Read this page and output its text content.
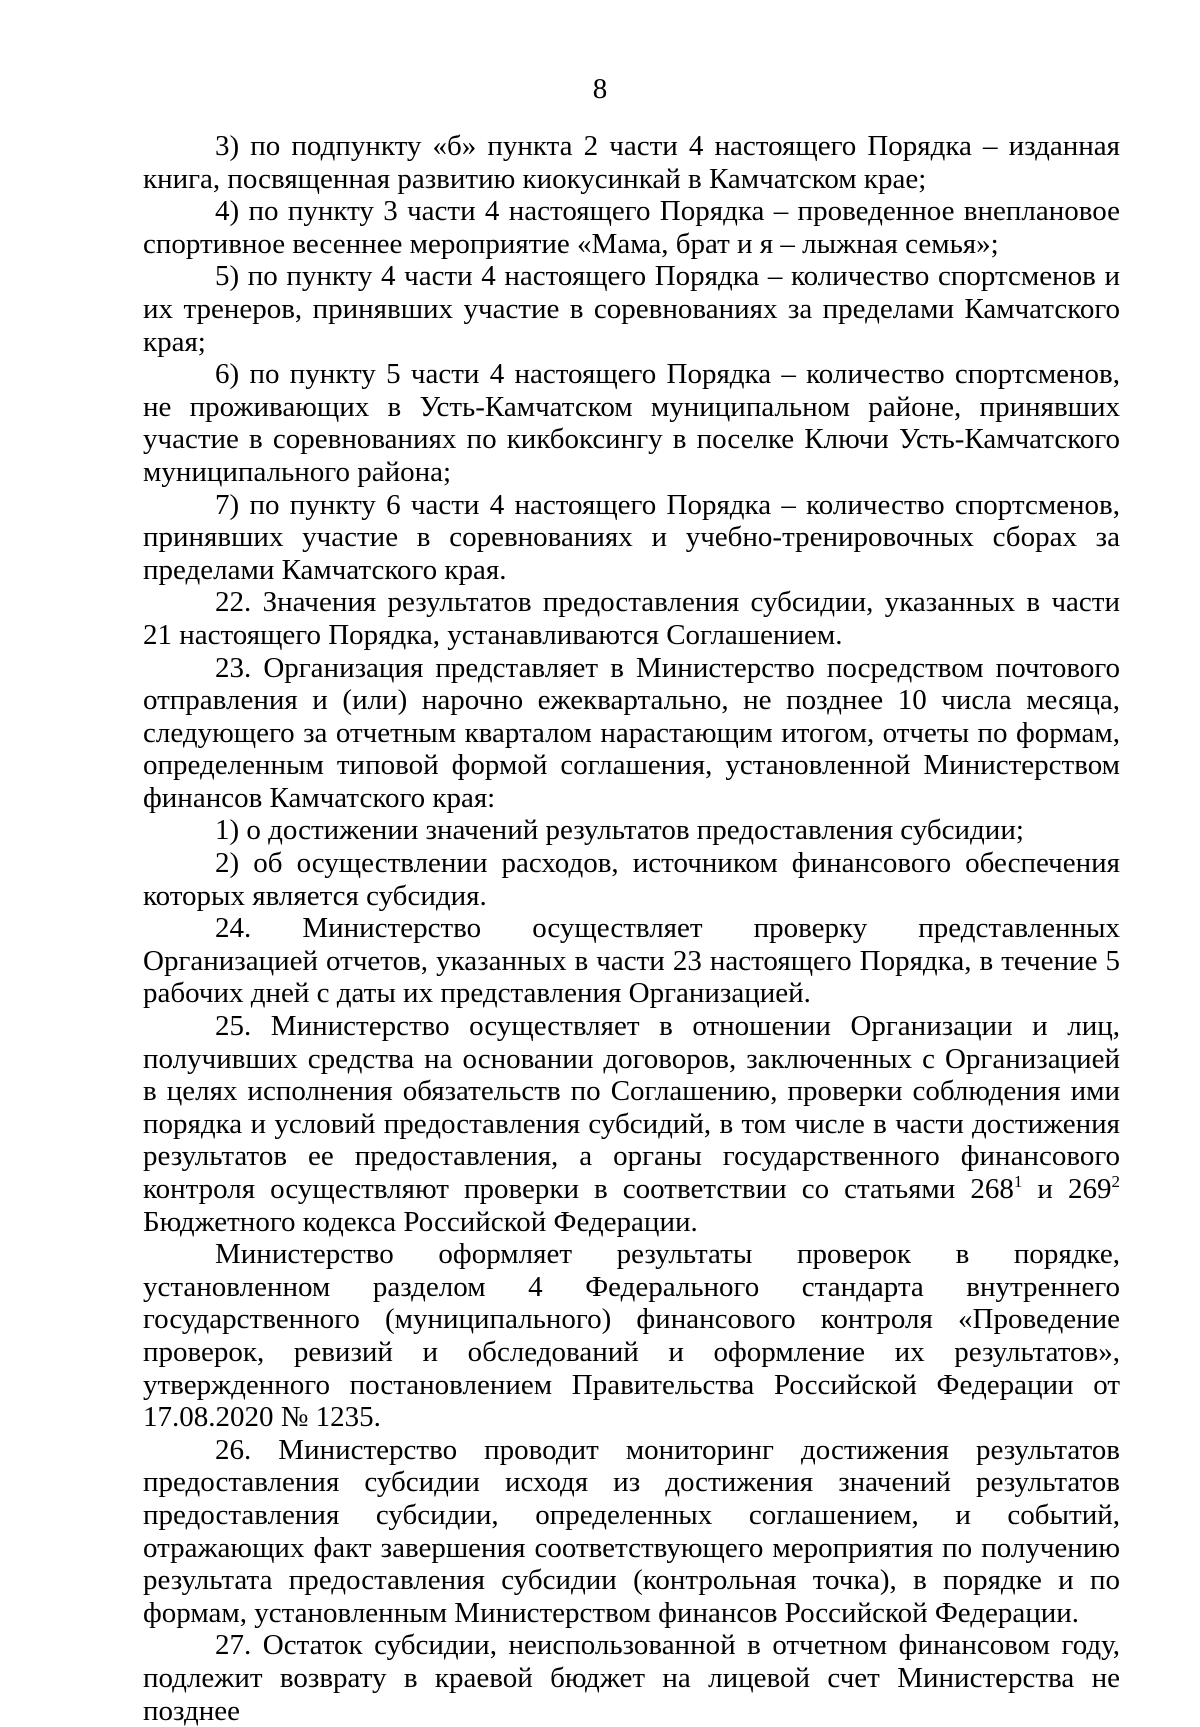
8

3) по подпункту «б» пункта 2 части 4 настоящего Порядка – изданная книга, посвященная развитию киокусинкай в Камчатском крае;

4) по пункту 3 части 4 настоящего Порядка – проведенное внеплановое спортивное весеннее мероприятие «Мама, брат и я – лыжная семья»;

5) по пункту 4 части 4 настоящего Порядка – количество спортсменов и их тренеров, принявших участие в соревнованиях за пределами Камчатского края;

6) по пункту 5 части 4 настоящего Порядка – количество спортсменов, не проживающих в Усть-Камчатском муниципальном районе, принявших участие в соревнованиях по кикбоксингу в поселке Ключи Усть-Камчатского муниципального района;

7) по пункту 6 части 4 настоящего Порядка – количество спортсменов, принявших участие в соревнованиях и учебно-тренировочных сборах за пределами Камчатского края.

22. Значения результатов предоставления субсидии, указанных в части 21 настоящего Порядка, устанавливаются Соглашением.

23. Организация представляет в Министерство посредством почтового отправления и (или) нарочно ежеквартально, не позднее 10 числа месяца, следующего за отчетным кварталом нарастающим итогом, отчеты по формам, определенным типовой формой соглашения, установленной Министерством финансов Камчатского края:

1) о достижении значений результатов предоставления субсидии;

2) об осуществлении расходов, источником финансового обеспечения которых является субсидия.

24. Министерство осуществляет проверку представленных Организацией отчетов, указанных в части 23 настоящего Порядка, в течение 5 рабочих дней с даты их представления Организацией.

25. Министерство осуществляет в отношении Организации и лиц, получивших средства на основании договоров, заключенных с Организацией в целях исполнения обязательств по Соглашению, проверки соблюдения ими порядка и условий предоставления субсидий, в том числе в части достижения результатов ее предоставления, а органы государственного финансового контроля осуществляют проверки в соответствии со статьями $268^1$ и $269^2$ Бюджетного кодекса Российской Федерации.

Министерство оформляет результаты проверок в порядке, установленном разделом 4 Федерального стандарта внутреннего государственного (муниципального) финансового контроля «Проведение проверок, ревизий и обследований и оформление их результатов», утвержденного постановлением Правительства Российской Федерации от 17.08.2020 № 1235.

26. Министерство проводит мониторинг достижения результатов предоставления субсидии исходя из достижения значений результатов предоставления субсидии, определенных соглашением, и событий, отражающих факт завершения соответствующего мероприятия по получению результата предоставления субсидии (контрольная точка), в порядке и по формам, установленным Министерством финансов Российской Федерации.

27. Остаток субсидии, неиспользованной в отчетном финансовом году, подлежит возврату в краевой бюджет на лицевой счет Министерства не позднее
